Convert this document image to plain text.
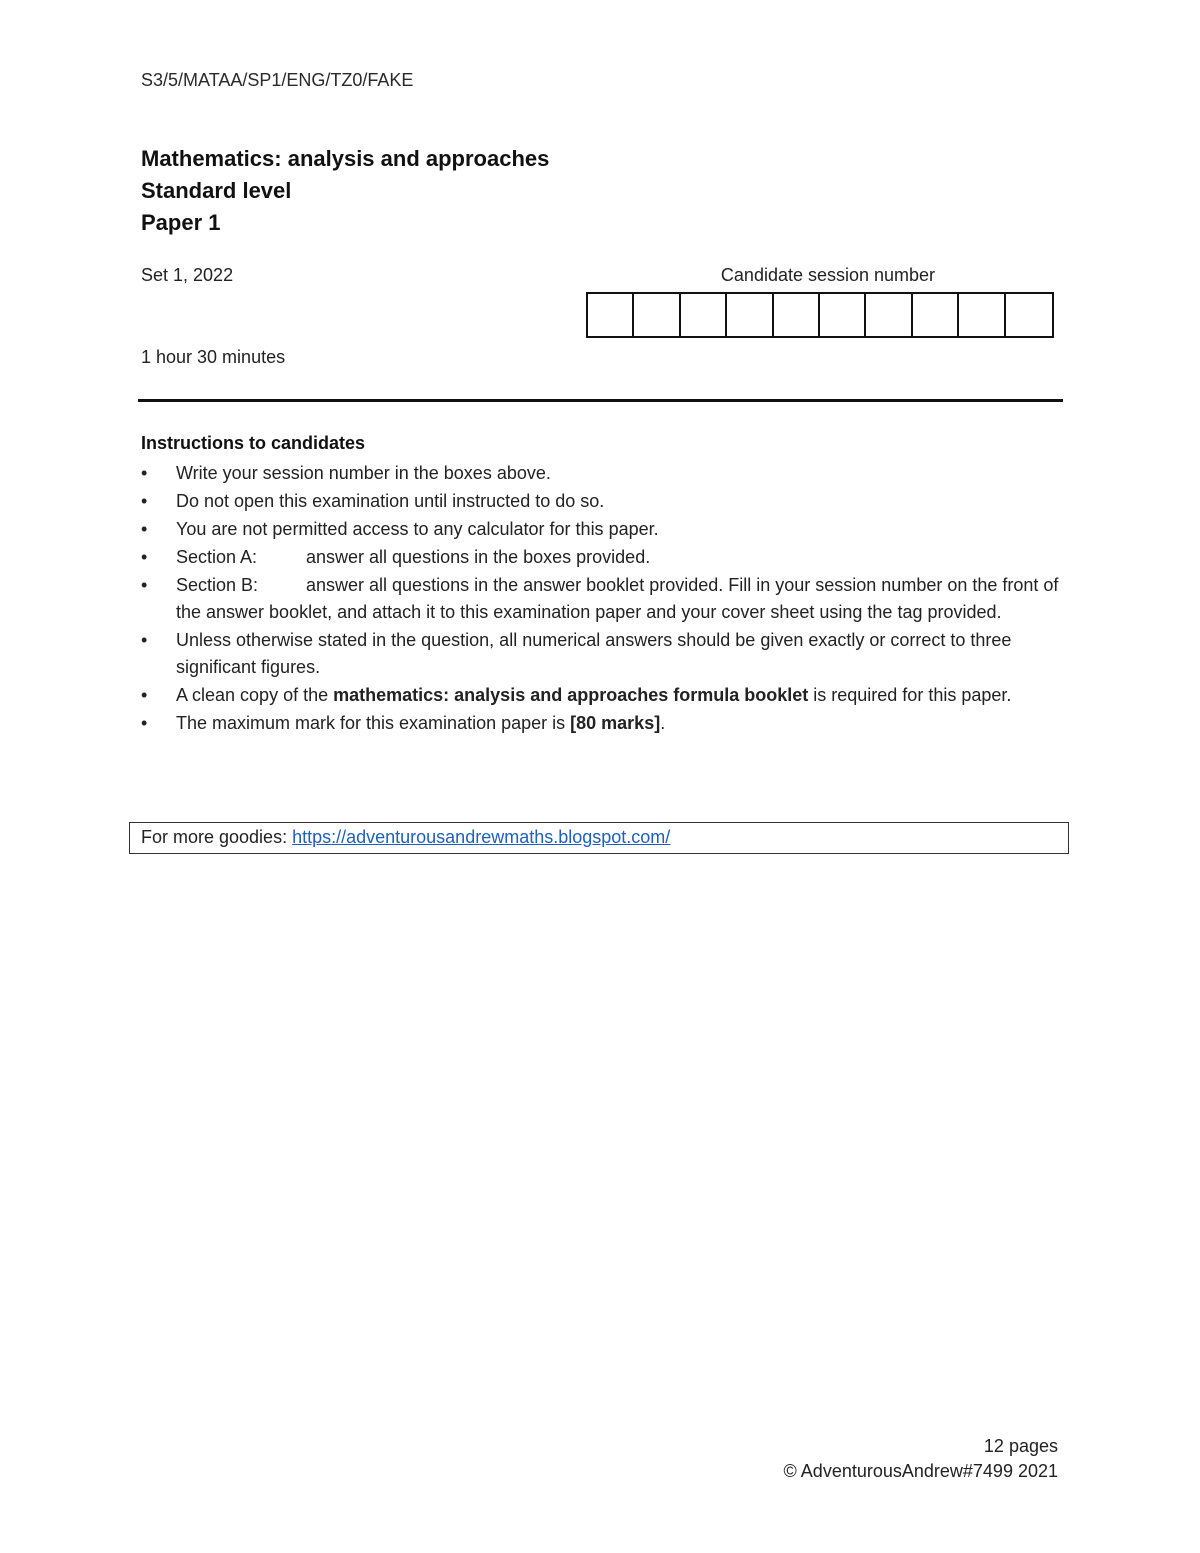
S3/5/MATAA/SP1/ENG/TZ0/FAKE
Mathematics: analysis and approaches
Standard level
Paper 1
Set 1, 2022
1 hour 30 minutes
Candidate session number
Instructions to candidates
• Write your session number in the boxes above.
• Do not open this examination until instructed to do so.
• You are not permitted access to any calculator for this paper.
• Section A:	answer all questions in the boxes provided.
• Section B:	answer all questions in the answer booklet provided. Fill in your session number on the front of the answer booklet, and attach it to this examination paper and your cover sheet using the tag provided.
• Unless otherwise stated in the question, all numerical answers should be given exactly or correct to three significant figures.
• A clean copy of the mathematics: analysis and approaches formula booklet is required for this paper.
• The maximum mark for this examination paper is [80 marks].
For more goodies: https://adventurousandrewmaths.blogspot.com/
12 pages
© AdventurousAndrew#7499 2021
